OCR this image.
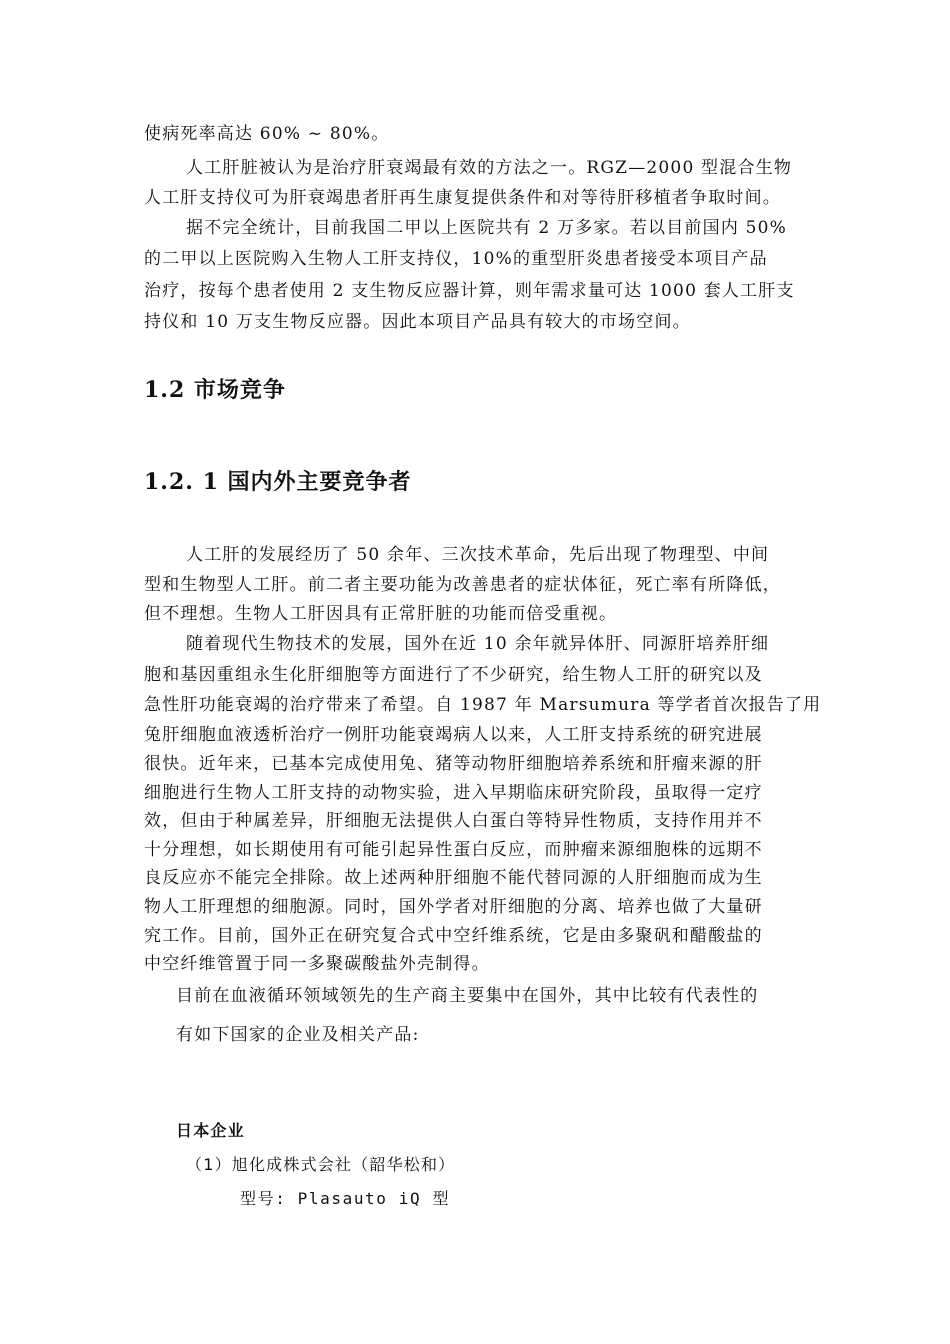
使病死率高达 60% ~ 80%。
人工肝脏被认为是治疗肝衰竭最有效的方法之一。RGZ—2000 型混合生物
人工肝支持仪可为肝衰竭患者肝再生康复提供条件和对等待肝移植者争取时间。
据不完全统计，目前我国二甲以上医院共有 2 万多家。若以目前国内 50%
的二甲以上医院购入生物人工肝支持仪，10%的重型肝炎患者接受本项目产品
治疗，按每个患者使用 2 支生物反应器计算，则年需求量可达 1000 套人工肝支
持仪和 10 万支生物反应器。因此本项目产品具有较大的市场空间。
1.2 市场竞争
1.2. 1 国内外主要竞争者
人工肝的发展经历了 50 余年、三次技术革命，先后出现了物理型、中间
型和生物型人工肝。前二者主要功能为改善患者的症状体征，死亡率有所降低，
但不理想。生物人工肝因具有正常肝脏的功能而倍受重视。
随着现代生物技术的发展，国外在近 10 余年就异体肝、同源肝培养肝细
胞和基因重组永生化肝细胞等方面进行了不少研究，给生物人工肝的研究以及
急性肝功能衰竭的治疗带来了希望。自 1987 年 Marsumura 等学者首次报告了用
兔肝细胞血液透析治疗一例肝功能衰竭病人以来，人工肝支持系统的研究进展
很快。近年来，已基本完成使用兔、猪等动物肝细胞培养系统和肝瘤来源的肝
细胞进行生物人工肝支持的动物实验，进入早期临床研究阶段，虽取得一定疗
效，但由于种属差异，肝细胞无法提供人白蛋白等特异性物质，支持作用并不
十分理想，如长期使用有可能引起异性蛋白反应，而肿瘤来源细胞株的远期不
良反应亦不能完全排除。故上述两种肝细胞不能代替同源的人肝细胞而成为生
物人工肝理想的细胞源。同时，国外学者对肝细胞的分离、培养也做了大量研
究工作。目前，国外正在研究复合式中空纤维系统，它是由多聚矾和醋酸盐的
中空纤维管置于同一多聚碳酸盐外壳制得。
目前在血液循环领域领先的生产商主要集中在国外，其中比较有代表性的
有如下国家的企业及相关产品:
日本企业
（1）旭化成株式会社（韶华松和）
型号: Plasauto iQ 型
